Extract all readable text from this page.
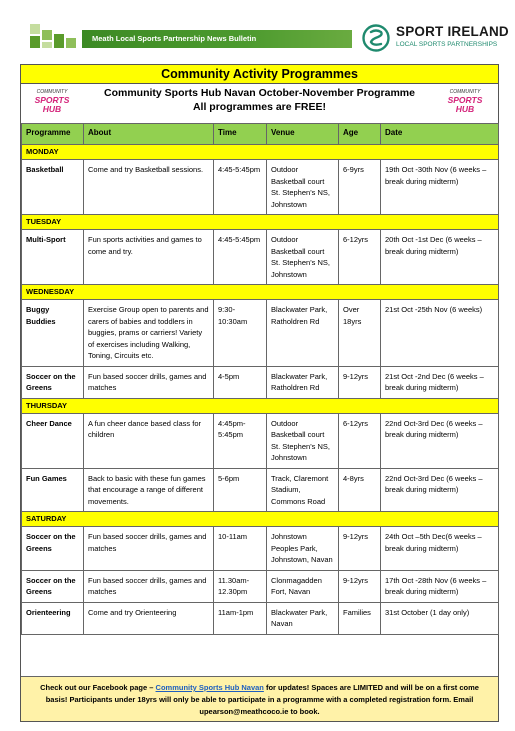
Meath Local Sports Partnership News Bulletin	SPORT IRELAND
LOCAL SPORTS PARTNERSHIPS
Community Activity Programmes
COMMUNITY
SPORTS HUB
COMMUNITY
SPORTS HUB
Community Sports Hub Navan October-November Programme
All programmes are FREE!
Programme	About	Time	Venue	Age	Date
MONDAY					
Basketball	Come and try Basketball sessions.	4:45-5:45pm	Outdoor Basketball court St. Stephen's NS, Johnstown	6-9yrs	19th Oct -30th Nov (6 weeks – break during midterm)
TUESDAY					
Multi-Sport	Fun sports activities and games to come and try.	4:45-5:45pm	Outdoor Basketball court St. Stephen's NS, Johnstown	6-12yrs	20th Oct -1st Dec (6 weeks – break during midterm)
WEDNESDAY					
Buggy Buddies	Exercise Group open to parents and carers of babies and toddlers in buggies, prams or carriers! Variety of exercises including Walking, Toning, Circuits etc.	9:30-10:30am	Blackwater Park, Ratholdren Rd	Over 18yrs	21st Oct -25th Nov (6 weeks)
Soccer on the Greens	Fun based soccer drills, games and matches	4-5pm	Blackwater Park, Ratholdren Rd	9-12yrs	21st Oct -2nd Dec (6 weeks – break during midterm)
THURSDAY					
Cheer Dance	A fun cheer dance based class for children	4:45pm-5:45pm	Outdoor Basketball court St. Stephen's NS, Johnstown	6-12yrs	22nd Oct-3rd Dec (6 weeks – break during midterm)
Fun Games	Back to basic with these fun games that encourage a range of different movements.	5-6pm	Track, Claremont Stadium, Commons Road	4-8yrs	22nd Oct-3rd Dec (6 weeks – break during midterm)
SATURDAY					
Soccer on the Greens	Fun based soccer drills, games and matches	10-11am	Johnstown Peoples Park, Johnstown, Navan	9-12yrs	24th Oct –5th Dec(6 weeks – break during midterm)
Soccer on the Greens	Fun based soccer drills, games and matches	11.30am-12.30pm	Clonmagadden Fort, Navan	9-12yrs	17th Oct -28th Nov (6 weeks – break during midterm)
Orienteering	Come and try Orienteering	11am-1pm	Blackwater Park, Navan	Families	31st October (1 day only)
Check out our Facebook page – Community Sports Hub Navan for updates! Spaces are LIMITED and will be on a first come basis! Participants under 18yrs will only be able to participate in a programme with a completed registration form. Email upearson@meathcoco.ie to book.
